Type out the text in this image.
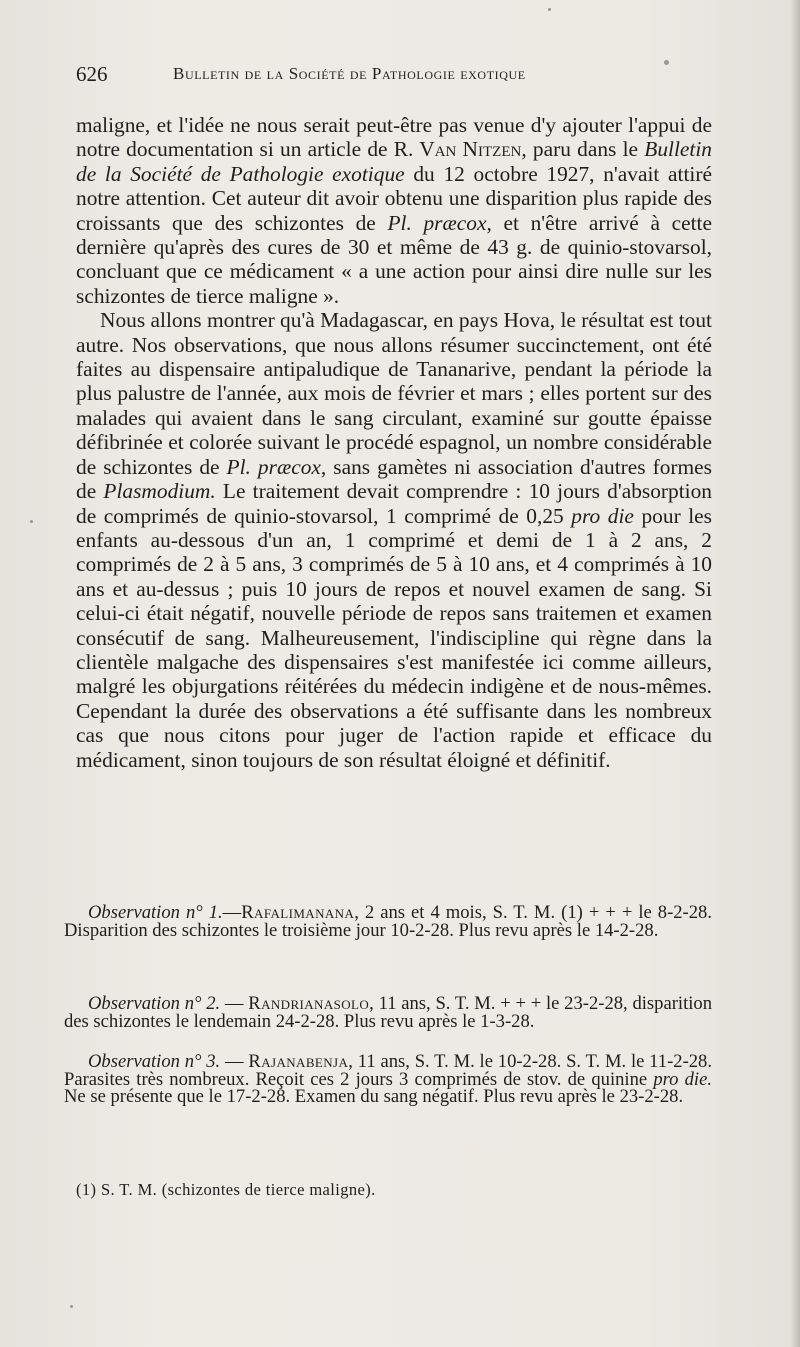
626	Bulletin de la Société de Pathologie exotique

maligne, et l'idée ne nous serait peut-être pas venue d'y ajouter l'appui de notre documentation si un article de R. Van Nitzen, paru dans le Bulletin de la Société de Pathologie exotique du 12 octobre 1927, n'avait attiré notre attention. Cet auteur dit avoir obtenu une disparition plus rapide des croissants que des schizontes de Pl. præcox, et n'être arrivé à cette dernière qu'après des cures de 30 et même de 43 g. de quinio-stovarsol, concluant que ce médicament « a une action pour ainsi dire nulle sur les schizontes de tierce maligne ».

Nous allons montrer qu'à Madagascar, en pays Hova, le résultat est tout autre. Nos observations, que nous allons résumer succinctement, ont été faites au dispensaire antipaludique de Tananarive, pendant la période la plus palustre de l'année, aux mois de février et mars ; elles portent sur des malades qui avaient dans le sang circulant, examiné sur goutte épaisse défibrinée et colorée suivant le procédé espagnol, un nombre considérable de schizontes de Pl. præcox, sans gamètes ni association d'autres formes de Plasmodium. Le traitement devait comprendre : 10 jours d'absorption de comprimés de quinio-stovarsol, 1 comprimé de 0,25 pro die pour les enfants au-dessous d'un an, 1 comprimé et demi de 1 à 2 ans, 2 comprimés de 2 à 5 ans, 3 comprimés de 5 à 10 ans, et 4 comprimés à 10 ans et au-dessus ; puis 10 jours de repos et nouvel examen de sang. Si celui-ci était négatif, nouvelle période de repos sans traitemen et examen consécutif de sang. Malheureusement, l'indiscipline qui règne dans la clientèle malgache des dispensaires s'est manifestée ici comme ailleurs, malgré les objurgations réitérées du médecin indigène et de nous-mêmes. Cependant la durée des observations a été suffisante dans les nombreux cas que nous citons pour juger de l'action rapide et efficace du médicament, sinon toujours de son résultat éloigné et définitif.

Observation n° 1.—Rafalimanana, 2 ans et 4 mois, S. T. M. (1) + + + le 8-2-28. Disparition des schizontes le troisième jour 10-2-28. Plus revu après le 14-2-28.
Observation n° 2. — Randrianasolo, 11 ans, S. T. M. + + + le 23-2-28, disparition des schizontes le lendemain 24-2-28. Plus revu après le 1-3-28.
Observation n° 3. — Rajanabenja, 11 ans, S. T. M. le 10-2-28. S. T. M. le 11-2-28. Parasites très nombreux. Reçoit ces 2 jours 3 comprimés de stov. de quinine pro die. Ne se présente que le 17-2-28. Examen du sang négatif. Plus revu après le 23-2-28.
(1) S. T. M. (schizontes de tierce maligne).
